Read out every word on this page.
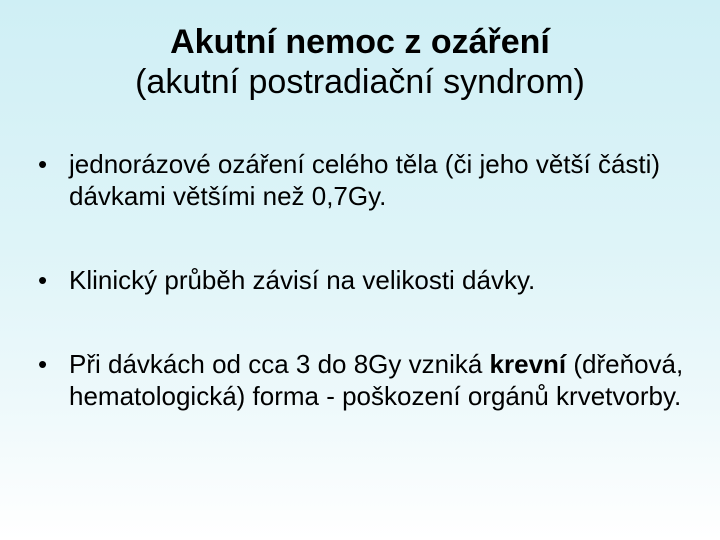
Akutní nemoc z ozáření
(akutní postradiační syndrom)
• jednorázové ozáření celého těla (či jeho větší části) dávkami většími než 0,7Gy.
• Klinický průběh závisí na velikosti dávky.
• Při dávkách od cca 3 do 8Gy vzniká krevní (dřeňová, hematologická) forma - poškození orgánů krvetvorby.
